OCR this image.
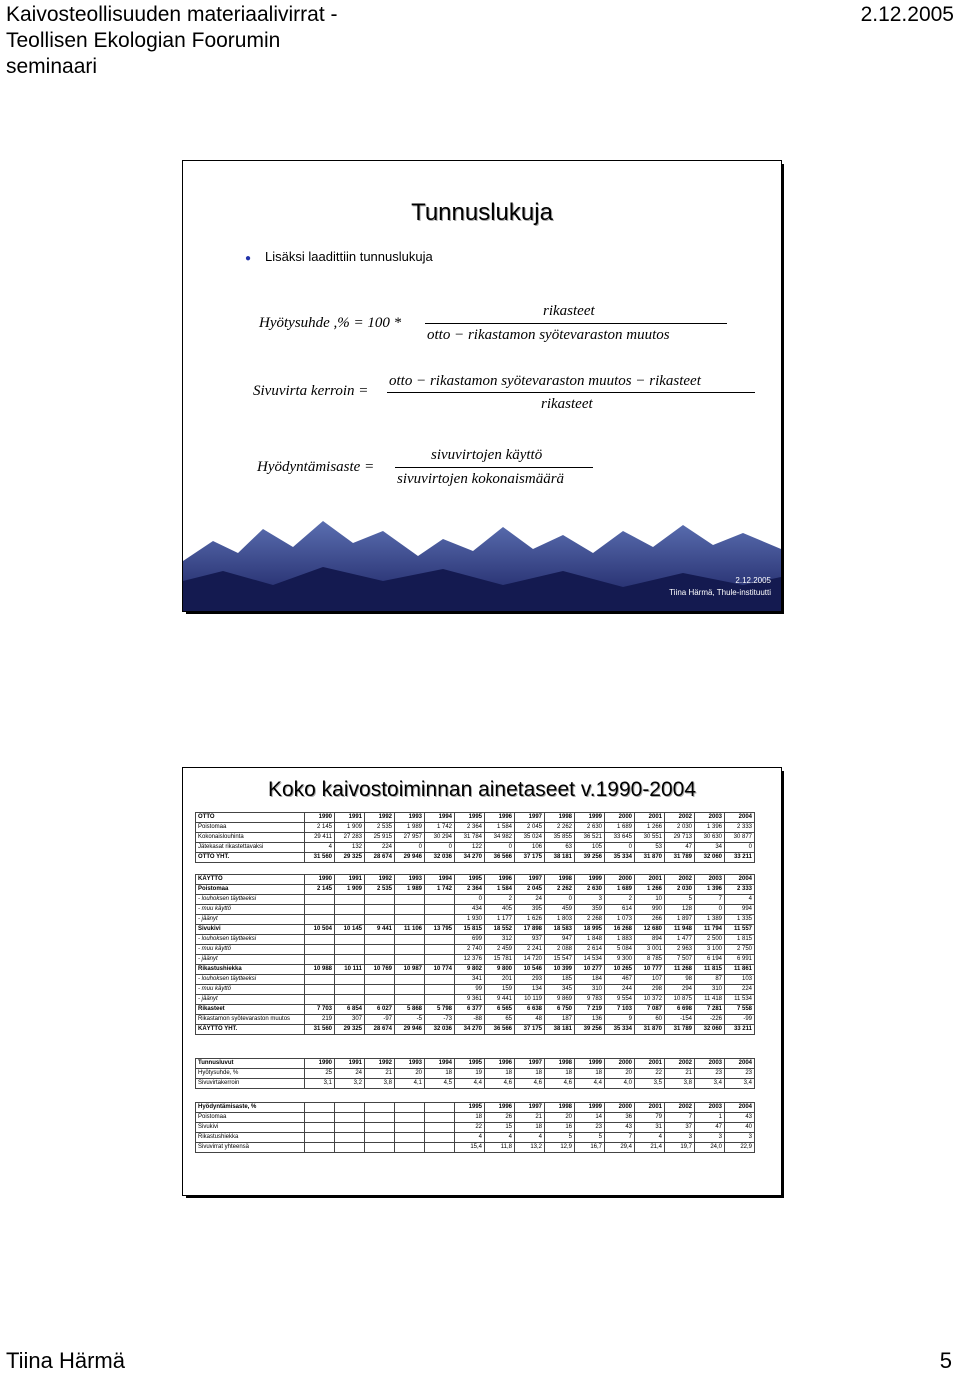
Kaivosteollisuuden materiaalivirrat -
Teollisen Ekologian Foorumin
seminaari
2.12.2005
Tiina Härmä	5
Tunnuslukuja
● Lisäksi laadittiin tunnuslukuja
Hyötysuhde ,% = 100 *
rikasteet
otto − rikastamon syötevaraston muutos
Sivuvirta kerroin =
otto − rikastamon syötevaraston muutos − rikasteet
rikasteet
Hyödyntämisaste =
sivuvirtojen käyttö
sivuvirtojen kokonaismäärä
2.12.2005
Tiina Härmä, Thule-instituutti
Koko kaivostoiminnan ainetaseet v.1990-2004
OTTO	1990	1991	1992	1993	1994	1995	1996	1997	1998	1999	2000	2001	2002	2003	2004
Poistomaa	2 145	1 909	2 535	1 989	1 742	2 364	1 584	2 045	2 262	2 630	1 689	1 266	2 030	1 396	2 333
Kokonaislouhinta	29 411	27 283	25 915	27 957	30 294	31 784	34 982	35 024	35 855	36 521	33 645	30 551	29 713	30 630	30 877
Jätekasat rikastettavaksi	4	132	224	0	0	122	0	106	63	105	0	53	47	34	0
OTTO YHT.	31 560	29 325	28 674	29 946	32 036	34 270	36 566	37 175	38 181	39 256	35 334	31 870	31 789	32 060	33 211
KÄYTTÖ	1990	1991	1992	1993	1994	1995	1996	1997	1998	1999	2000	2001	2002	2003	2004
Poistomaa	2 145	1 909	2 535	1 989	1 742	2 364	1 584	2 045	2 262	2 630	1 689	1 266	2 030	1 396	2 333
- louhoksen täytteeksi						0	2	24	0	3	2	10	5	7	4
- muu käyttö						434	405	395	459	359	614	990	128	0	994
- jäänyt						1 930	1 177	1 626	1 803	2 268	1 073	266	1 897	1 389	1 335
Sivukivi	10 504	10 145	9 441	11 106	13 795	15 815	18 552	17 898	18 583	18 995	16 268	12 680	11 948	11 794	11 557
- louhoksen täytteeksi						699	312	937	947	1 848	1 883	894	1 477	2 500	1 815
- muu käyttö						2 740	2 459	2 241	2 088	2 614	5 084	3 001	2 963	3 100	2 750
- jäänyt						12 376	15 781	14 720	15 547	14 534	9 300	8 785	7 507	6 194	6 991
Rikastushiekka	10 988	10 111	10 769	10 987	10 774	9 802	9 800	10 546	10 399	10 277	10 265	10 777	11 268	11 815	11 861
- louhoksen täytteeksi						341	201	293	185	184	467	107	98	87	103
- muu käyttö						99	159	134	345	310	244	298	294	310	224
- jäänyt						9 361	9 441	10 119	9 869	9 783	9 554	10 372	10 875	11 418	11 534
Rikasteet	7 703	6 854	6 027	5 868	5 798	6 377	6 565	6 638	6 750	7 219	7 103	7 087	6 698	7 281	7 558
Rikastamon syötevaraston muutos	219	307	-97	-5	-73	-88	65	48	187	136	9	60	-154	-226	-99
KÄYTTÖ YHT.	31 560	29 325	28 674	29 946	32 036	34 270	36 566	37 175	38 181	39 256	35 334	31 870	31 789	32 060	33 211
Tunnusluvut	1990	1991	1992	1993	1994	1995	1996	1997	1998	1999	2000	2001	2002	2003	2004
Hyötysuhde, %	25	24	21	20	18	19	18	18	18	18	20	22	21	23	23
Sivuvirtakerroin	3,1	3,2	3,8	4,1	4,5	4,4	4,6	4,6	4,6	4,4	4,0	3,5	3,8	3,4	3,4
Hyödyntämisaste, %						1995	1996	1997	1998	1999	2000	2001	2002	2003	2004
Poistomaa						18	26	21	20	14	36	79	7	1	43
Sivukivi						22	15	18	16	23	43	31	37	47	40
Rikastushiekka						4	4	4	5	5	7	4	3	3	3
Sivuvirrat yhteensä						15,4	11,8	13,2	12,9	16,7	29,4	21,4	19,7	24,0	22,9
